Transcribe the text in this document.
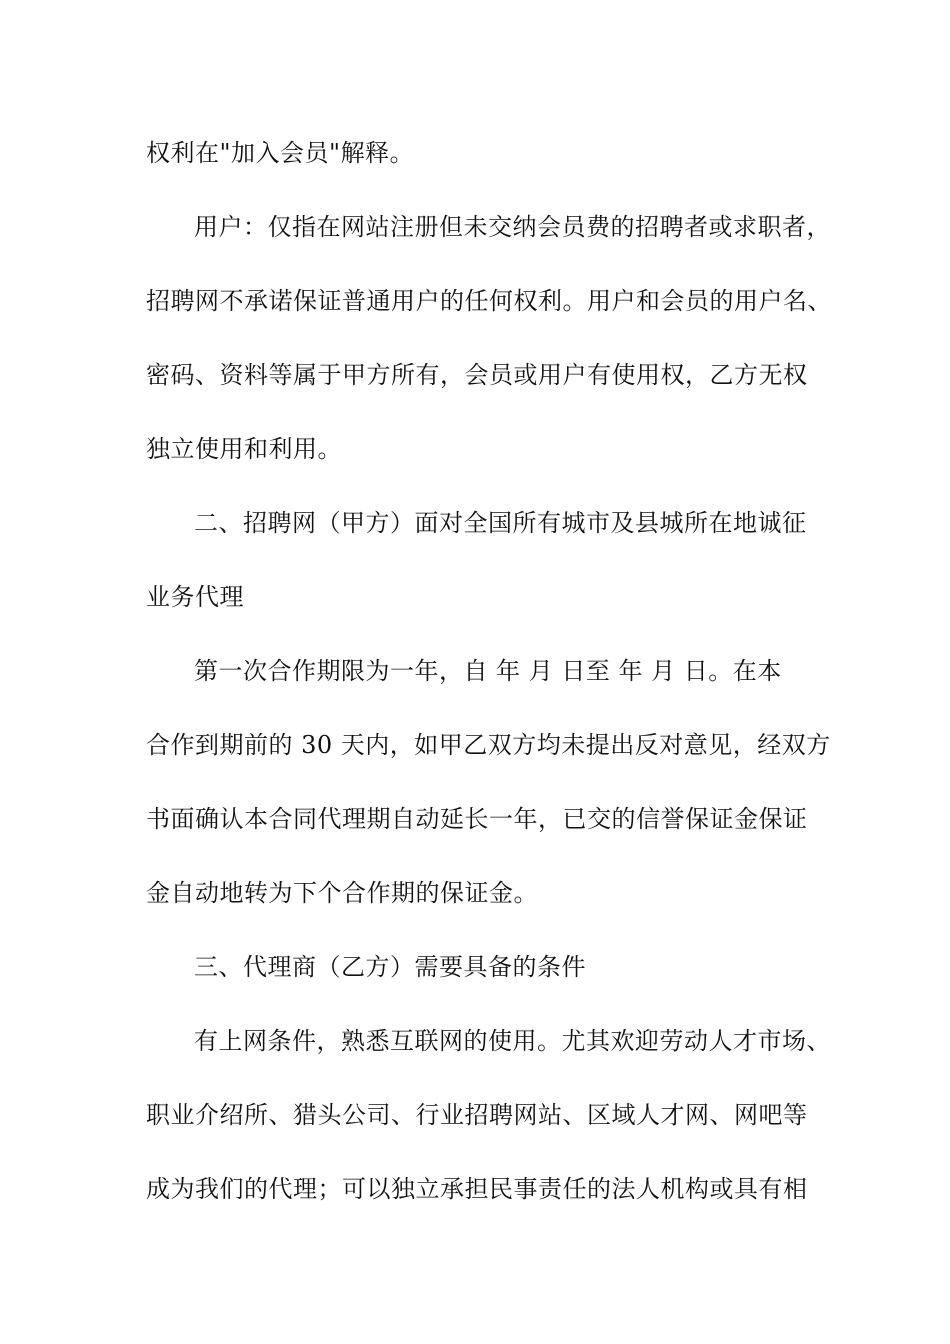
权利在"加入会员"解释。
用户：仅指在网站注册但未交纳会员费的招聘者或求职者，
招聘网不承诺保证普通用户的任何权利。用户和会员的用户名、
密码、资料等属于甲方所有，会员或用户有使用权，乙方无权
独立使用和利用。
二、招聘网（甲方）面对全国所有城市及县城所在地诚征
业务代理
第一次合作期限为一年，自 年 月 日至 年 月 日。在本
合作到期前的 30 天内，如甲乙双方均未提出反对意见，经双方
书面确认本合同代理期自动延长一年，已交的信誉保证金保证
金自动地转为下个合作期的保证金。
三、代理商（乙方）需要具备的条件
有上网条件，熟悉互联网的使用。尤其欢迎劳动人才市场、
职业介绍所、猎头公司、行业招聘网站、区域人才网、网吧等
成为我们的代理；可以独立承担民事责任的法人机构或具有相
